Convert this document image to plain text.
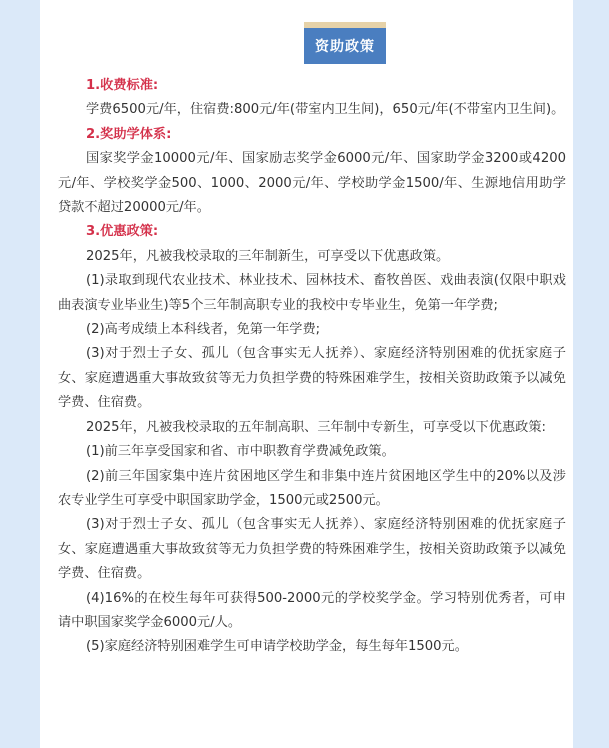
资助政策

1.收费标准:

学费6500元/年，住宿费:800元/年(带室内卫生间)，650元/年(不带室内卫生间)。

2.奖助学体系:

国家奖学金10000元/年、国家励志奖学金6000元/年、国家助学金3200或4200元/年、学校奖学金500、1000、2000元/年、学校助学金1500/年、生源地信用助学贷款不超过20000元/年。

3.优惠政策:

2025年，凡被我校录取的三年制新生，可享受以下优惠政策。

(1)录取到现代农业技术、林业技术、园林技术、畜牧兽医、戏曲表演(仅限中职戏曲表演专业毕业生)等5个三年制高职专业的我校中专毕业生，免第一年学费;

(2)高考成绩上本科线者，免第一年学费;

(3)对于烈士子女、孤儿（包含事实无人抚养）、家庭经济特别困难的优抚家庭子女、家庭遭遇重大事故致贫等无力负担学费的特殊困难学生，按相关资助政策予以减免学费、住宿费。

2025年，凡被我校录取的五年制高职、三年制中专新生，可享受以下优惠政策:

(1)前三年享受国家和省、市中职教育学费减免政策。

(2)前三年国家集中连片贫困地区学生和非集中连片贫困地区学生中的20%以及涉农专业学生可享受中职国家助学金，1500元或2500元。

(3)对于烈士子女、孤儿（包含事实无人抚养）、家庭经济特别困难的优抚家庭子女、家庭遭遇重大事故致贫等无力负担学费的特殊困难学生，按相关资助政策予以减免学费、住宿费。

(4)16%的在校生每年可获得500-2000元的学校奖学金。学习特别优秀者，可申请中职国家奖学金6000元/人。

(5)家庭经济特别困难学生可申请学校助学金，每生每年1500元。
